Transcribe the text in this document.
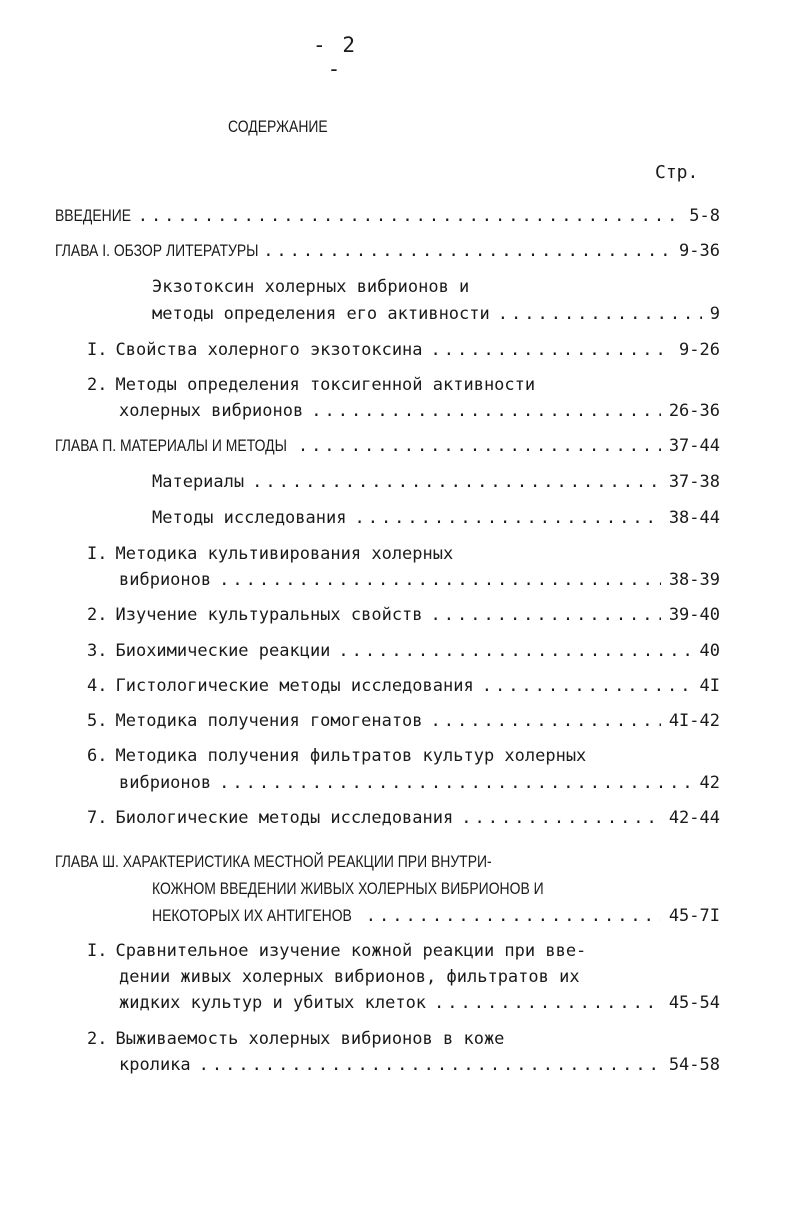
- 2 -
СОДЕРЖАНИЕ
Стр.
ВВЕДЕНИЕ .....	5-8
ГЛАВА I. ОБЗОР ЛИТЕРАТУРЫ .....	9-36
Экзотоксин холерных вибрионов и
методы определения его активности .....	9
I. Свойства холерного экзотоксина .....	9-26
2. Методы определения токсигенной активности
холерных вибрионов .....	26-36
ГЛАВА П. МАТЕРИАЛЫ И МЕТОДЫ .....	37-44
Материалы .....	37-38
Методы исследования .....	38-44
I. Методика культивирования холерных
вибрионов .....	38-39
2. Изучение культуральных свойств .....	39-40
3. Биохимические реакции .....	40
4. Гистологические методы исследования .....	4I
5. Методика получения гомогенатов .....	4I-42
6. Методика получения фильтратов культур холерных
вибрионов .....	42
7. Биологические методы исследования .....	42-44
ГЛАВА Ш. ХАРАКТЕРИСТИКА МЕСТНОЙ РЕАКЦИИ ПРИ ВНУТРИ-
КОЖНОМ ВВЕДЕНИИ ЖИВЫХ ХОЛЕРНЫХ ВИБРИОНОВ И
НЕКОТОРЫХ ИХ АНТИГЕНОВ .....	45-7I
I. Сравнительное изучение кожной реакции при вве-
дении живых холерных вибрионов, фильтратов их
жидких культур и убитых клеток .....	45-54
2. Выживаемость холерных вибрионов в коже
кролика .....	54-58
